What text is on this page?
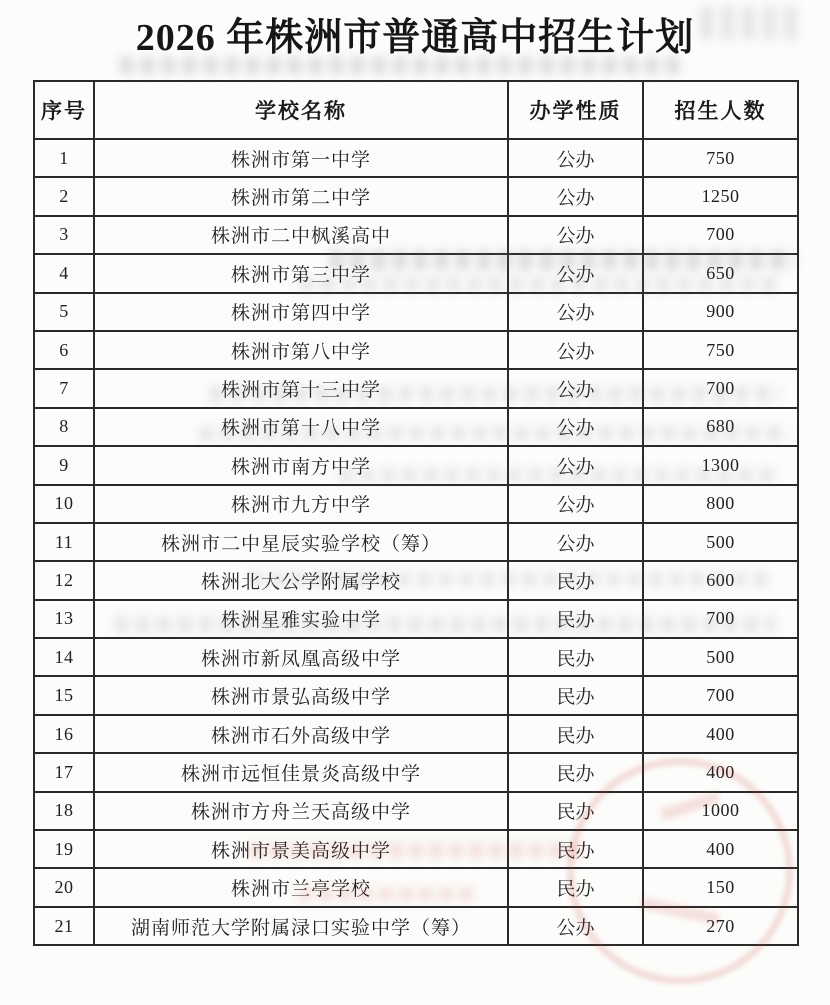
2026 年株洲市普通高中招生计划
序号	学校名称	办学性质	招生人数
1	株洲市第一中学	公办	750
2	株洲市第二中学	公办	1250
3	株洲市二中枫溪高中	公办	700
4	株洲市第三中学	公办	650
5	株洲市第四中学	公办	900
6	株洲市第八中学	公办	750
7	株洲市第十三中学	公办	700
8	株洲市第十八中学	公办	680
9	株洲市南方中学	公办	1300
10	株洲市九方中学	公办	800
11	株洲市二中星辰实验学校（筹）	公办	500
12	株洲北大公学附属学校	民办	600
13	株洲星雅实验中学	民办	700
14	株洲市新凤凰高级中学	民办	500
15	株洲市景弘高级中学	民办	700
16	株洲市石外高级中学	民办	400
17	株洲市远恒佳景炎高级中学	民办	400
18	株洲市方舟兰天高级中学	民办	1000
19	株洲市景美高级中学	民办	400
20	株洲市兰亭学校	民办	150
21	湖南师范大学附属渌口实验中学（筹）	公办	270
